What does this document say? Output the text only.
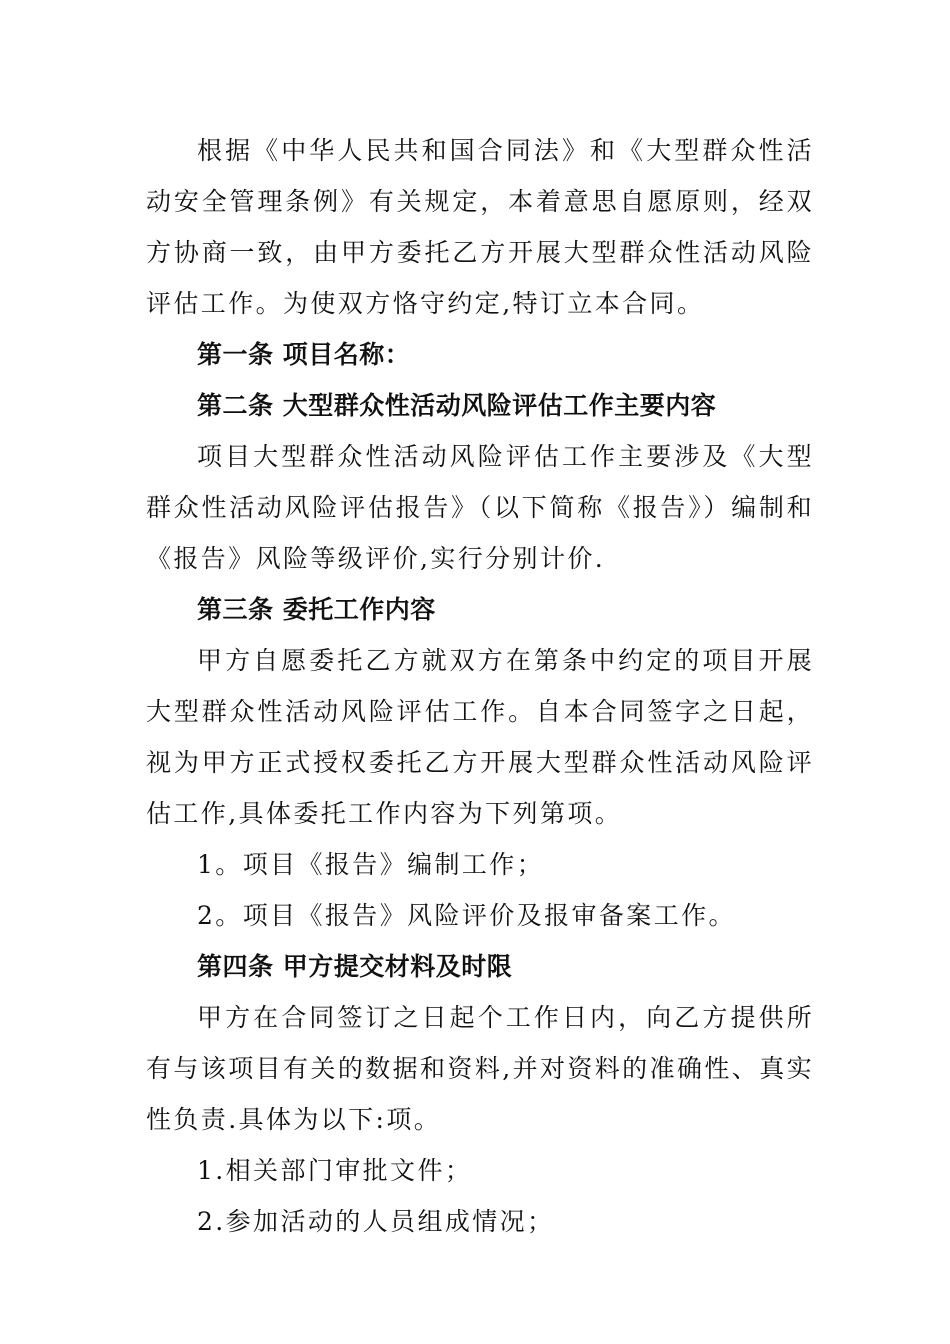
根据《中华人民共和国合同法》和《大型群众性活动安全管理条例》有关规定，本着意思自愿原则，经双方协商一致，由甲方委托乙方开展大型群众性活动风险评估工作。为使双方恪守约定,特订立本合同。

第一条 项目名称：

第二条 大型群众性活动风险评估工作主要内容

项目大型群众性活动风险评估工作主要涉及《大型群众性活动风险评估报告》（以下简称《报告》）编制和《报告》风险等级评价,实行分别计价.

第三条 委托工作内容

甲方自愿委托乙方就双方在第条中约定的项目开展大型群众性活动风险评估工作。自本合同签字之日起，视为甲方正式授权委托乙方开展大型群众性活动风险评估工作,具体委托工作内容为下列第项。

1。项目《报告》编制工作；

2。项目《报告》风险评价及报审备案工作。

第四条 甲方提交材料及时限

甲方在合同签订之日起个工作日内，向乙方提供所有与该项目有关的数据和资料,并对资料的准确性、真实性负责.具体为以下:项。

1.相关部门审批文件；

2.参加活动的人员组成情况；
